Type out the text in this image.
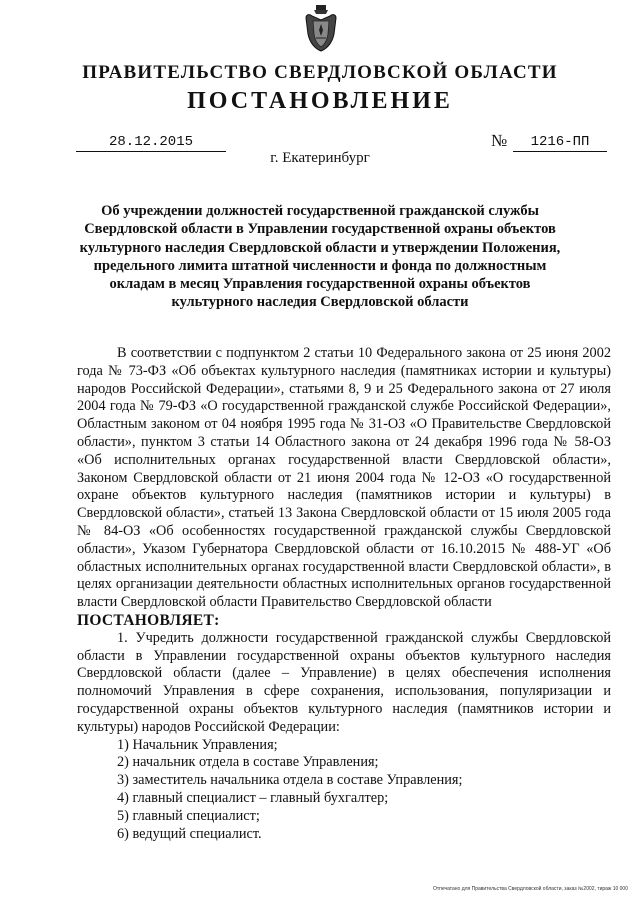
ПРАВИТЕЛЬСТВО СВЕРДЛОВСКОЙ ОБЛАСТИ
ПОСТАНОВЛЕНИЕ
28.12.2015	№	1216-ПП
г. Екатеринбург
Об учреждении должностей государственной гражданской службы Свердловской области в Управлении государственной охраны объектов культурного наследия Свердловской области и утверждении Положения, предельного лимита штатной численности и фонда по должностным окладам в месяц Управления государственной охраны объектов культурного наследия Свердловской области

В соответствии с подпунктом 2 статьи 10 Федерального закона от 25 июня 2002 года № 73-ФЗ «Об объектах культурного наследия (памятниках истории и культуры) народов Российской Федерации», статьями 8, 9 и 25 Федерального закона от 27 июля 2004 года № 79-ФЗ «О государственной гражданской службе Российской Федерации», Областным законом от 04 ноября 1995 года № 31-ОЗ «О Правительстве Свердловской области», пунктом 3 статьи 14 Областного закона от 24 декабря 1996 года № 58-ОЗ «Об исполнительных органах государственной власти Свердловской области», Законом Свердловской области от 21 июня 2004 года № 12-ОЗ «О государственной охране объектов культурного наследия (памятников истории и культуры) в Свердловской области», статьей 13 Закона Свердловской области от 15 июля 2005 года № 84-ОЗ «Об особенностях государственной гражданской службы Свердловской области», Указом Губернатора Свердловской области от 16.10.2015 № 488-УГ «Об областных исполнительных органах государственной власти Свердловской области», в целях организации деятельности областных исполнительных органов государственной власти Свердловской области Правительство Свердловской области

ПОСТАНОВЛЯЕТ:

1. Учредить должности государственной гражданской службы Свердловской области в Управлении государственной охраны объектов культурного наследия Свердловской области (далее – Управление) в целях обеспечения исполнения полномочий Управления в сфере сохранения, использования, популяризации и государственной охраны объектов культурного наследия (памятников истории и культуры) народов Российской Федерации:

1) Начальник Управления;

2) начальник отдела в составе Управления;

3) заместитель начальника отдела в составе Управления;

4) главный специалист – главный бухгалтер;

5) главный специалист;

6) ведущий специалист.

Отпечатано для Правительства Свердловской области, заказ №2002, тираж 10 000
